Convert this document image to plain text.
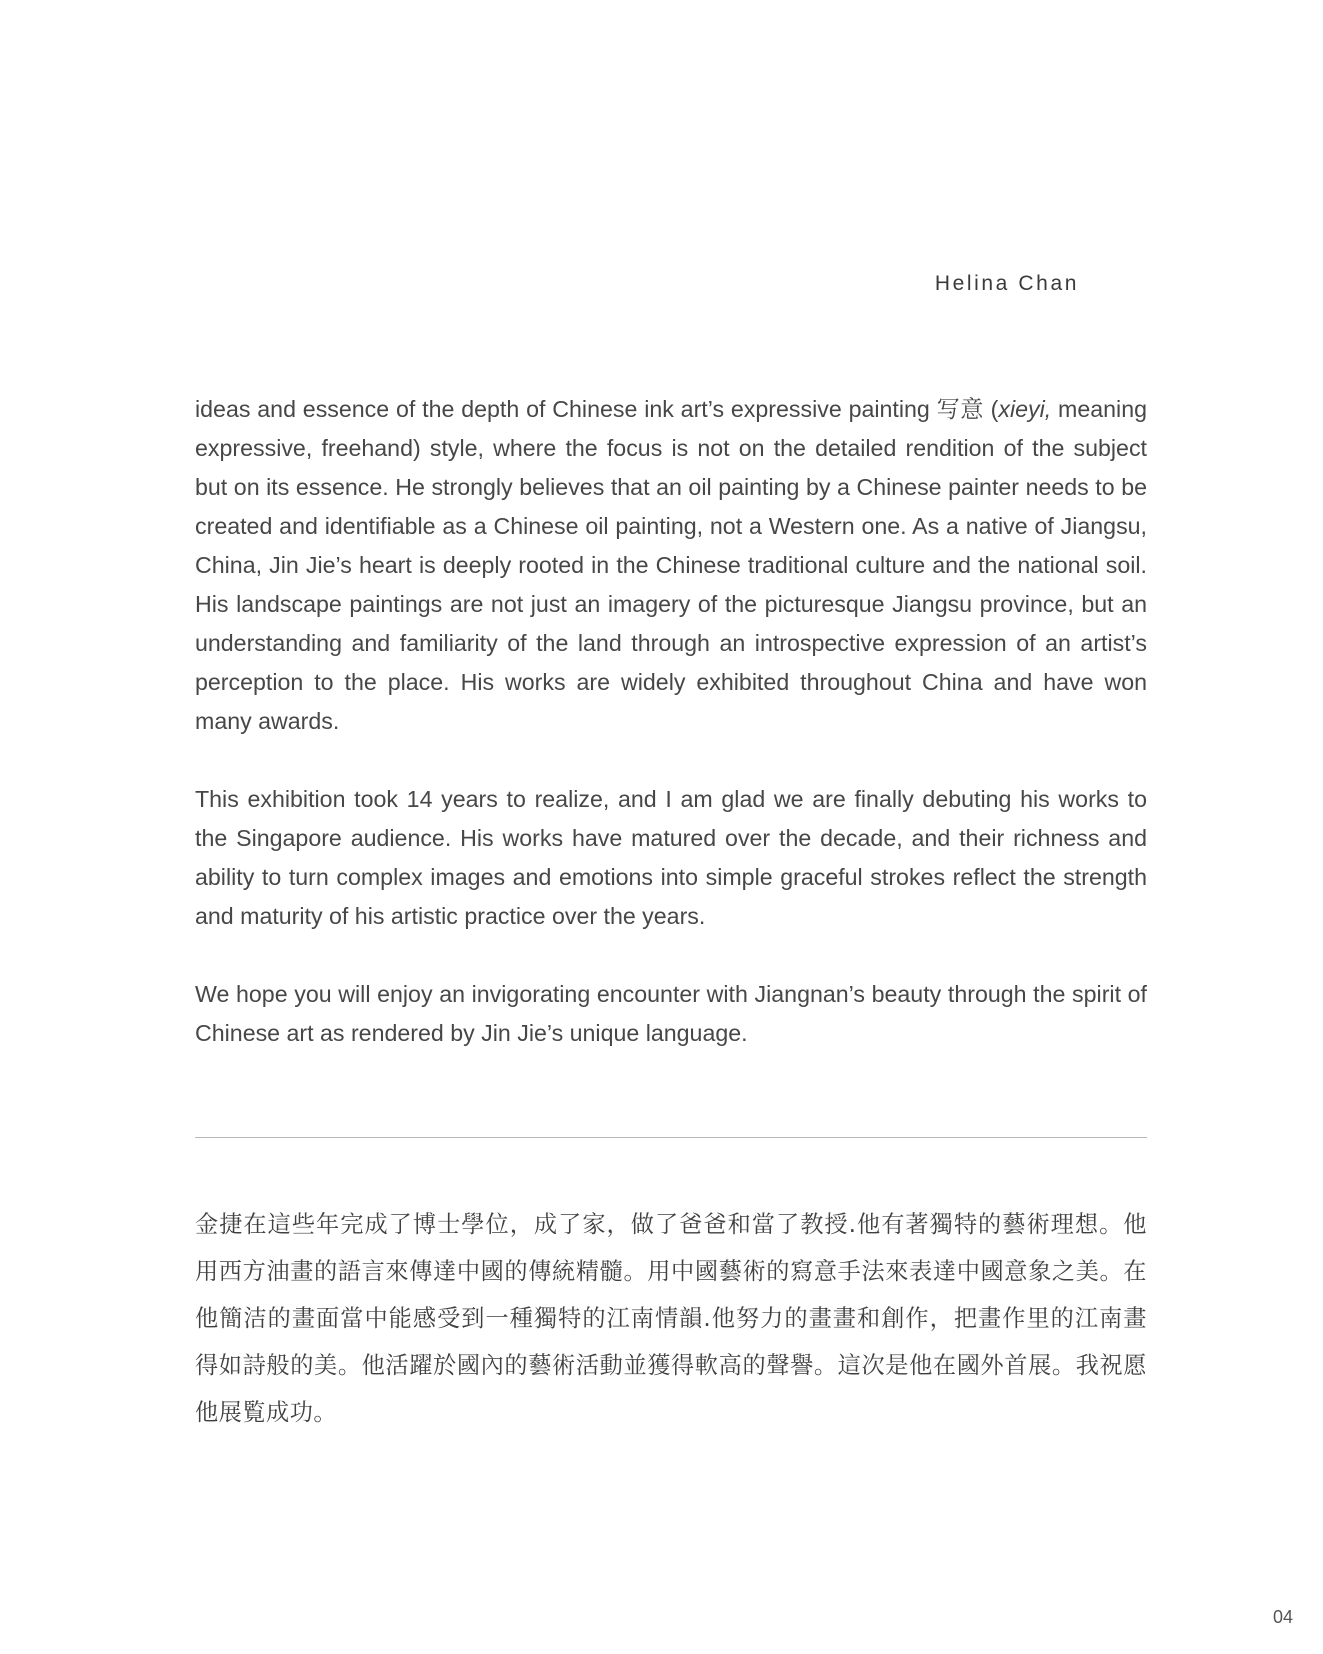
Helina Chan

ideas and essence of the depth of Chinese ink art’s expressive painting 写意 (xieyi, meaning expressive, freehand) style, where the focus is not on the detailed rendition of the subject but on its essence. He strongly believes that an oil painting by a Chinese painter needs to be created and identifiable as a Chinese oil painting, not a Western one. As a native of Jiangsu, China, Jin Jie’s heart is deeply rooted in the Chinese traditional culture and the national soil. His landscape paintings are not just an imagery of the picturesque Jiangsu province, but an understanding and familiarity of the land through an introspective expression of an artist’s perception to the place. His works are widely exhibited throughout China and have won many awards.

This exhibition took 14 years to realize, and I am glad we are finally debuting his works to the Singapore audience. His works have matured over the decade, and their richness and ability to turn complex images and emotions into simple graceful strokes reflect the strength and maturity of his artistic practice over the years.

We hope you will enjoy an invigorating encounter with Jiangnan’s beauty through the spirit of Chinese art as rendered by Jin Jie’s unique language.

金捷在這些年完成了博士學位，成了家，做了爸爸和當了教授.他有著獨特的藝術理想。他用西方油畫的語言來傳達中國的傳統精髓。用中國藝術的寫意手法來表達中國意象之美。在他簡洁的畫面當中能感受到一種獨特的江南情韻.他努力的畫畫和創作，把畫作里的江南畫得如詩般的美。他活躍於國內的藝術活動並獲得軟高的聲譽。這次是他在國外首展。我祝愿他展覧成功。

04
